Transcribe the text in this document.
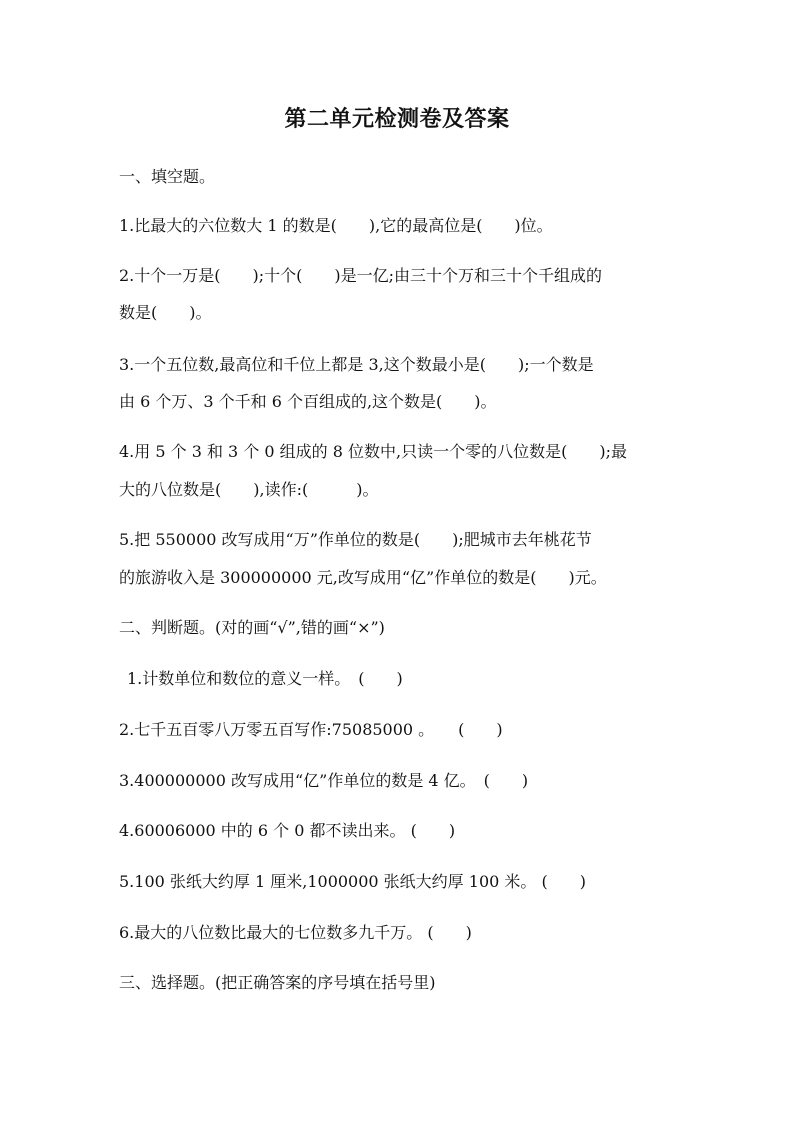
第二单元检测卷及答案
一、填空题。
1.比最大的六位数大 1 的数是(　　),它的最高位是(　　)位。
2.十个一万是(　　);十个(　　)是一亿;由三十个万和三十个千组成的
数是(　　)。
3.一个五位数,最高位和千位上都是 3,这个数最小是(　　);一个数是
由 6 个万、3 个千和 6 个百组成的,这个数是(　　)。
4.用 5 个 3 和 3 个 0 组成的 8 位数中,只读一个零的八位数是(　　);最
大的八位数是(　　),读作:(　　　)。
5.把 550000 改写成用“万”作单位的数是(　　);肥城市去年桃花节
的旅游收入是 300000000 元,改写成用“亿”作单位的数是(　　)元。
二、判断题。(对的画“√”,错的画“×”)
1.计数单位和数位的意义一样。　(　　)
2.七千五百零八万零五百写作:75085000 。　　(　　)
3.400000000 改写成用“亿”作单位的数是 4 亿。　(　　)
4.60006000 中的 6 个 0 都不读出来。 (　　)
5.100 张纸大约厚 1 厘米,1000000 张纸大约厚 100 米。 (　　)
6.最大的八位数比最大的七位数多九千万。 (　　)
三、选择题。(把正确答案的序号填在括号里)
